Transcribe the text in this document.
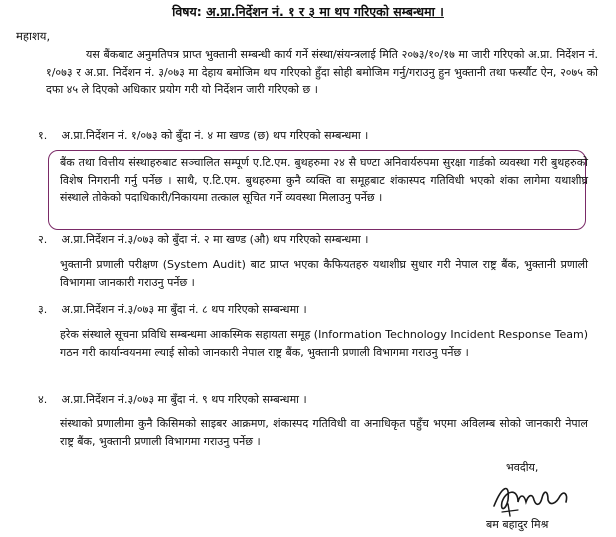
विषय: अ.प्रा.निर्देशन नं. १ र ३ मा थप गरिएको सम्बन्धमा ।
महाशय,
यस बैंकबाट अनुमतिपत्र प्राप्त भुक्तानी सम्बन्धी कार्य गर्ने संस्था/संयन्त्रलाई मिति २०७३/१०/१७ मा जारी गरिएको अ.प्रा. निर्देशन नं. १/०७३ र अ.प्रा. निर्देशन नं. ३/०७३ मा देहाय बमोजिम थप गरिएको हुँदा सोही बमोजिम गर्नु/गराउनु हुन भुक्तानी तथा फर्स्यौट ऐन, २०७५ को दफा ४५ ले दिएको अधिकार प्रयोग गरी यो निर्देशन जारी गरिएको छ ।
१. अ.प्रा.निर्देशन नं. १/०७३ को बुँदा नं. ४ मा खण्ड (छ) थप गरिएको सम्बन्धमा ।
बैंक तथा वित्तीय संस्थाहरुबाट सञ्चालित सम्पूर्ण ए.टि.एम. बुथहरुमा २४ सै घण्टा अनिवार्यरुपमा सुरक्षा गार्डको व्यवस्था गरी बुथहरुको विशेष निगरानी गर्नु पर्नेछ । साथै, ए.टि.एम. बुथहरुमा कुनै व्यक्ति वा समूहबाट शंकास्पद गतिविधी भएको शंका लागेमा यथाशीघ्र संस्थाले तोकेको पदाधिकारी/निकायमा तत्काल सूचित गर्ने व्यवस्था मिलाउनु पर्नेछ ।
२. अ.प्रा.निर्देशन नं.३/०७३ को बुँदा नं. २ मा खण्ड (औ) थप गरिएको सम्बन्धमा ।
भुक्तानी प्रणाली परीक्षण (System Audit) बाट प्राप्त भएका कैफियतहरु यथाशीघ्र सुधार गरी नेपाल राष्ट्र बैंक, भुक्तानी प्रणाली विभागमा जानकारी गराउनु पर्नेछ ।
३. अ.प्रा.निर्देशन नं.३/०७३ मा बुँदा नं. ८ थप गरिएको सम्बन्धमा ।
हरेक संस्थाले सूचना प्रविधि सम्बन्धमा आकस्मिक सहायता समूह (Information Technology Incident Response Team) गठन गरी कार्यान्वयनमा ल्याई सोको जानकारी नेपाल राष्ट्र बैंक, भुक्तानी प्रणाली विभागमा गराउनु पर्नेछ ।
४. अ.प्रा.निर्देशन नं.३/०७३ मा बुँदा नं. ९ थप गरिएको सम्बन्धमा ।
संस्थाको प्रणालीमा कुनै किसिमको साइबर आक्रमण, शंकास्पद गतिविधी वा अनाधिकृत पहुँच भएमा अविलम्ब सोको जानकारी नेपाल राष्ट्र बैंक, भुक्तानी प्रणाली विभागमा गराउनु पर्नेछ ।
भवदीय,
बम बहादुर मिश्र
